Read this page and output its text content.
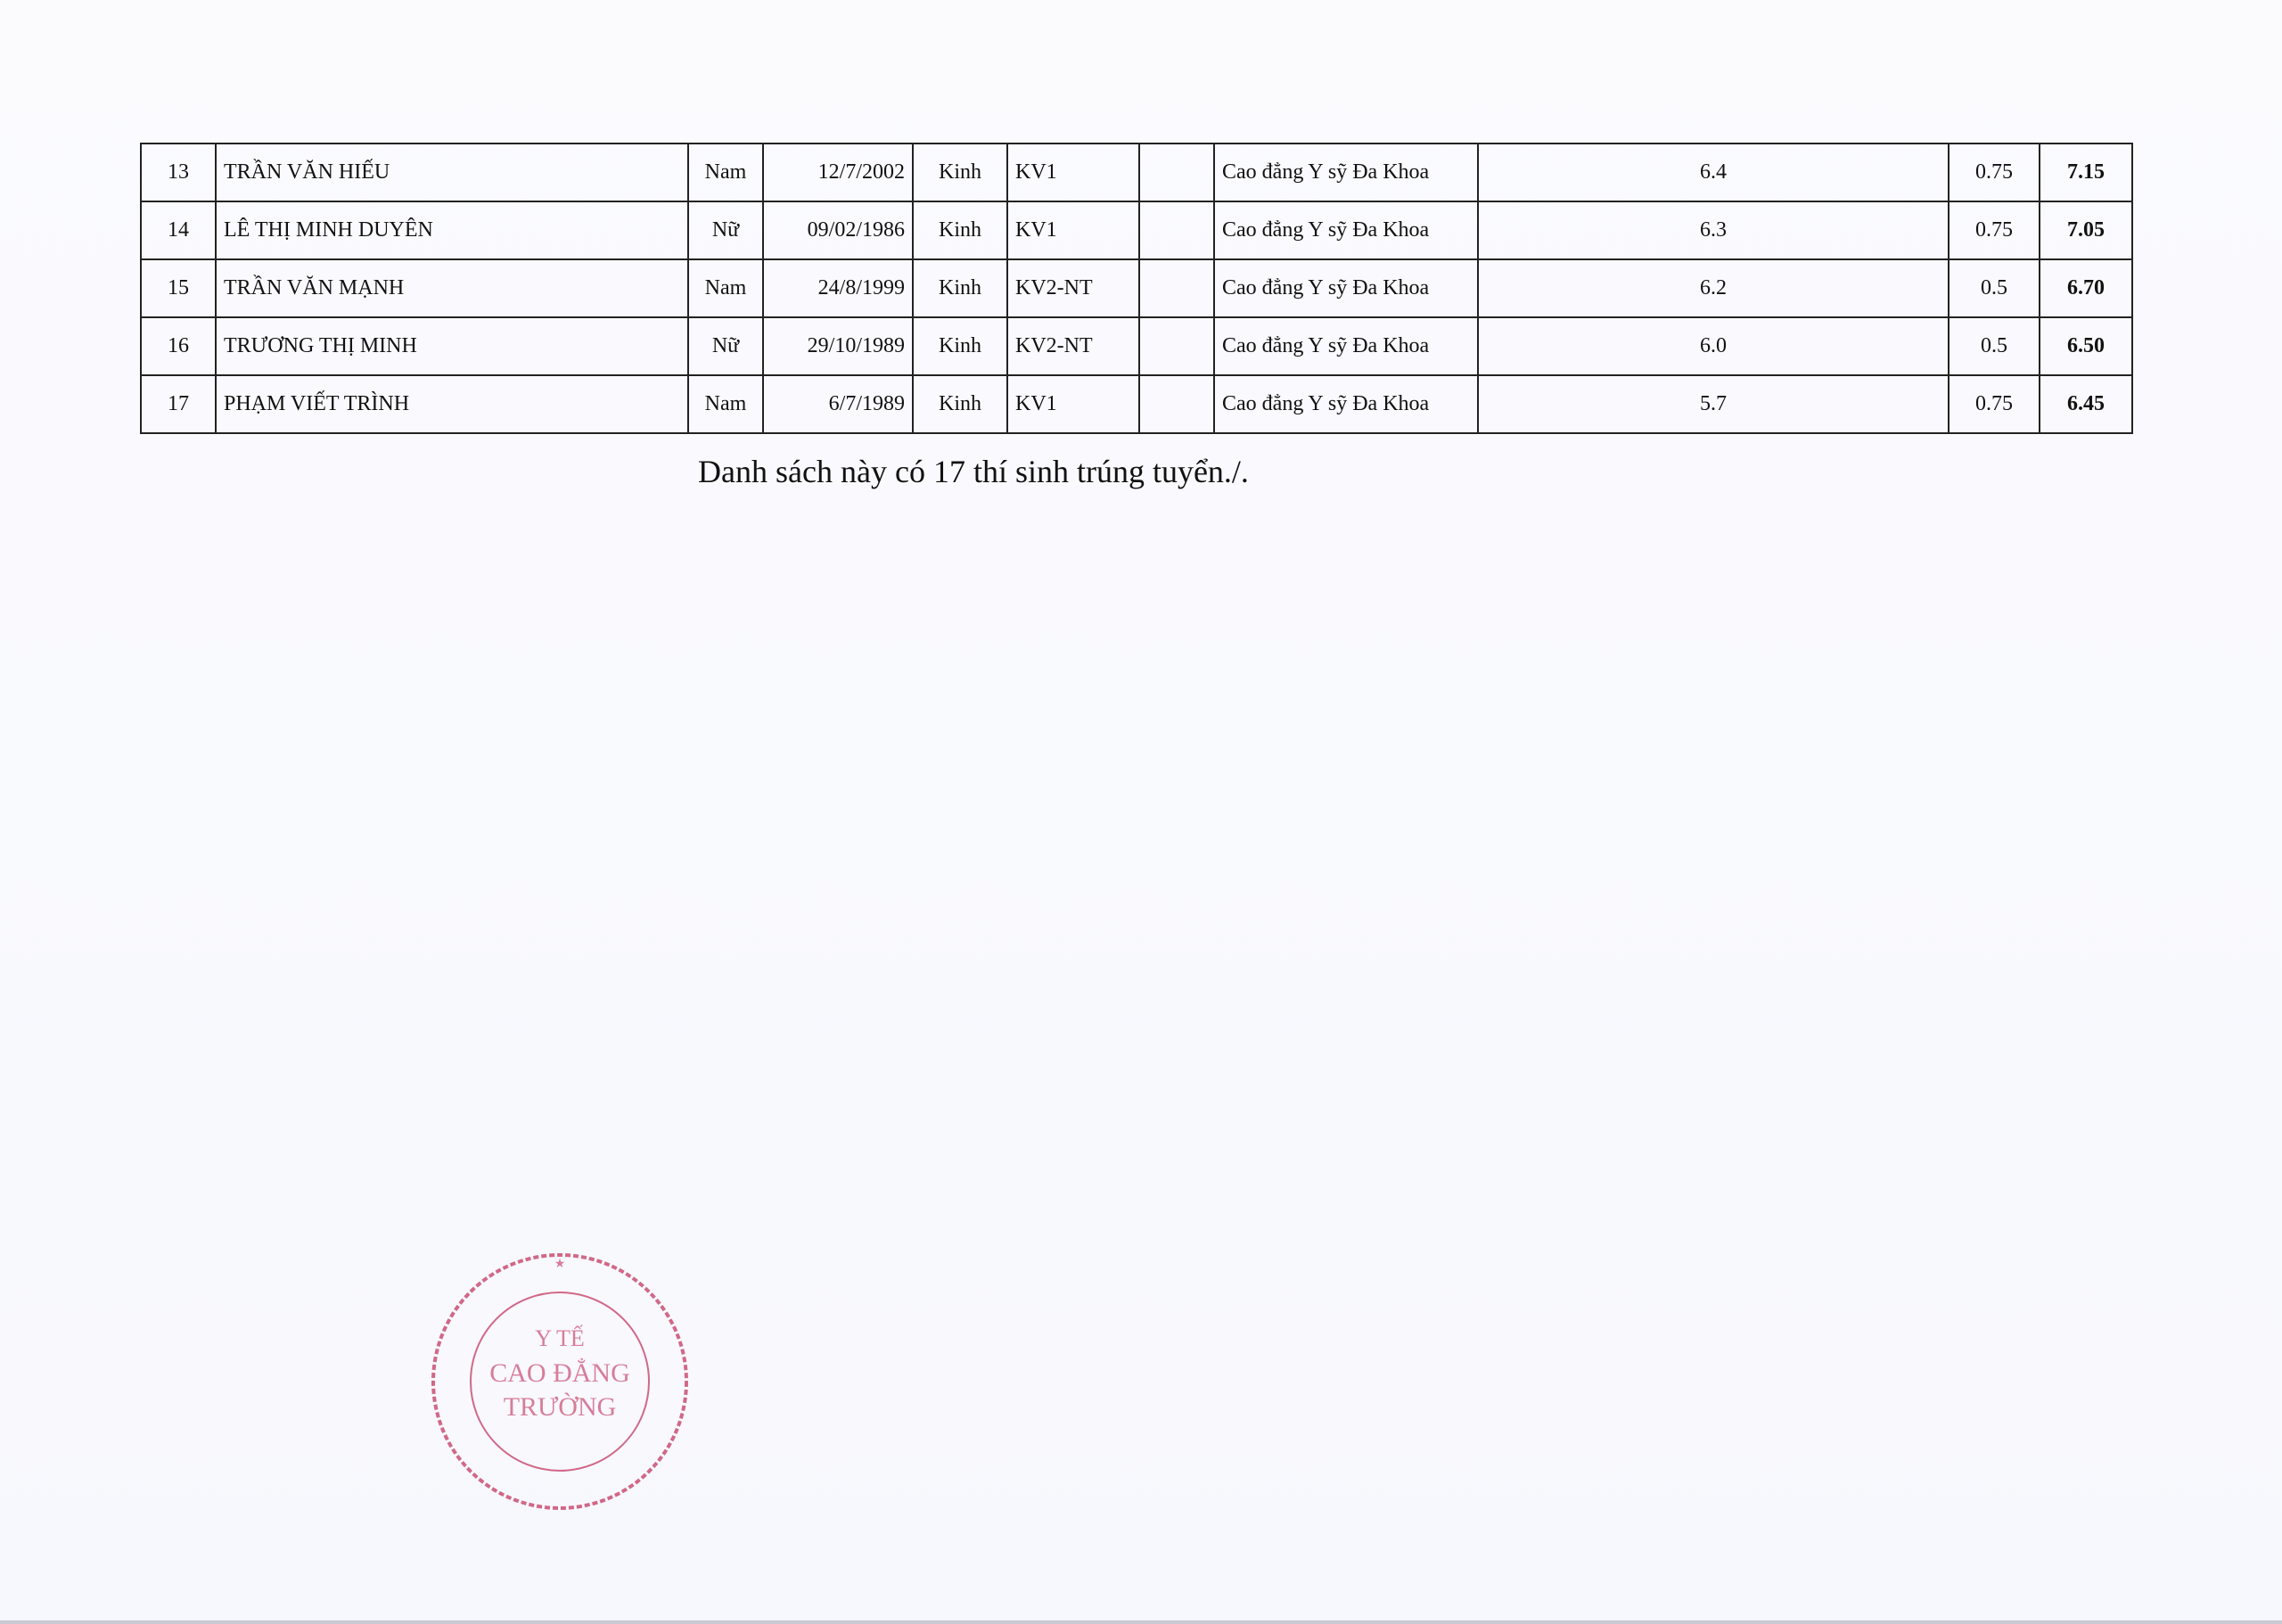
13	TRẦN VĂN HIẾU	Nam	12/7/2002	Kinh	KV1		Cao đẳng Y sỹ Đa Khoa	6.4	0.75	7.15
14	LÊ THỊ MINH DUYÊN	Nữ	09/02/1986	Kinh	KV1		Cao đẳng Y sỹ Đa Khoa	6.3	0.75	7.05
15	TRẦN VĂN MẠNH	Nam	24/8/1999	Kinh	KV2-NT		Cao đẳng Y sỹ Đa Khoa	6.2	0.5	6.70
16	TRƯƠNG THỊ MINH	Nữ	29/10/1989	Kinh	KV2-NT		Cao đẳng Y sỹ Đa Khoa	6.0	0.5	6.50
17	PHẠM VIẾT TRÌNH	Nam	6/7/1989	Kinh	KV1		Cao đẳng Y sỹ Đa Khoa	5.7	0.75	6.45
Danh sách này có 17 thí sinh trúng tuyển./.
Y TẾ
CAO ĐẲNG
TRƯỜNG
★
